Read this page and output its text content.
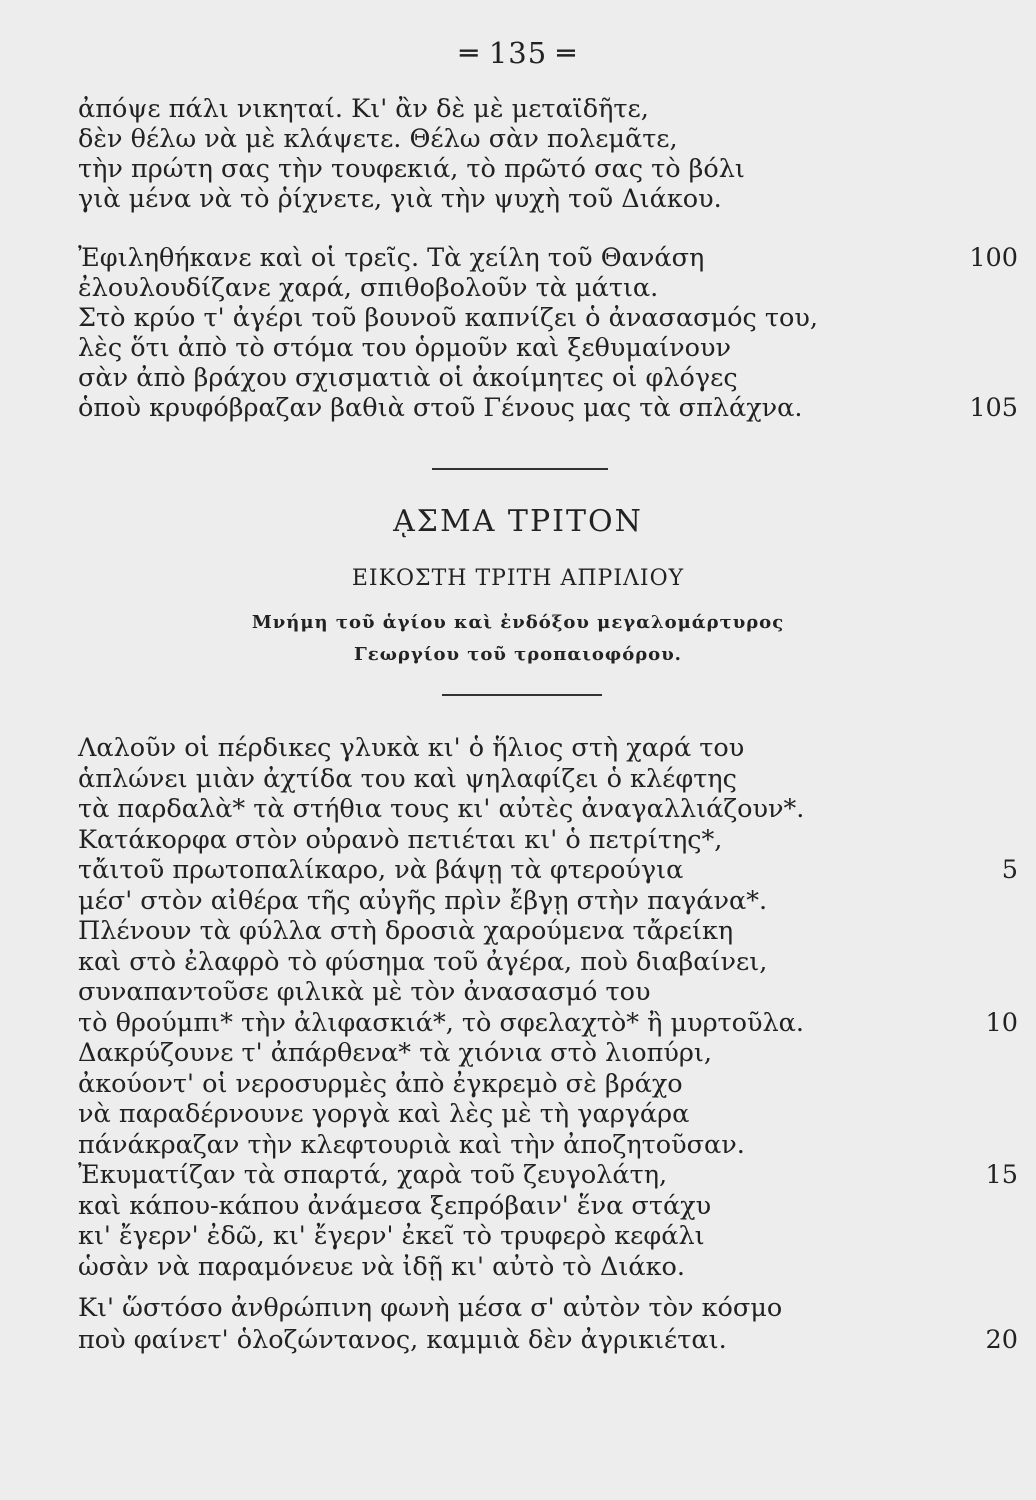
═ 135 ═
ἀπόψε πάλι νικηταί. Κι' ἂν δὲ μὲ μεταϊδῆτε,
δὲν θέλω νὰ μὲ κλάψετε. Θέλω σὰν πολεμᾶτε,
τὴν πρώτη σας τὴν τουφεκιά, τὸ πρῶτό σας τὸ βόλι
γιὰ μένα νὰ τὸ ῥίχνετε, γιὰ τὴν ψυχὴ τοῦ Διάκου.
Ἐφιληθήκανε καὶ οἱ τρεῖς. Τὰ χείλη τοῦ Θανάση	100
ἐλουλουδίζανε χαρά, σπιθοβολοῦν τὰ μάτια.
Στὸ κρύο τ' ἀγέρι τοῦ βουνοῦ καπνίζει ὁ ἀνασασμός του,
λὲς ὅτι ἀπὸ τὸ στόμα του ὁρμοῦν καὶ ξεθυμαίνουν
σὰν ἀπὸ βράχου σχισματιὰ οἱ ἀκοίμητες οἱ φλόγες
ὁποὺ κρυφόβραζαν βαθιὰ στοῦ Γένους μας τὰ σπλάχνα.	105
ᾼΣΜΑ ΤΡΙΤΟΝ
ΕΙΚΟΣΤΗ ΤΡΙΤΗ ΑΠΡΙΛΙΟΥ
Μνήμη τοῦ ἁγίου καὶ ἐνδόξου μεγαλομάρτυρος
Γεωργίου τοῦ τροπαιοφόρου.
Λαλοῦν οἱ πέρδικες γλυκὰ κι' ὁ ἥλιος στὴ χαρά του
ἁπλώνει μιὰν ἀχτίδα του καὶ ψηλαφίζει ὁ κλέφτης
τὰ παρδαλὰ* τὰ στήθια τους κι' αὐτὲς ἀναγαλλιάζουν*.
Κατάκορφα στὸν οὐρανὸ πετιέται κι' ὁ πετρίτης*,
τἄιτοῦ πρωτοπαλίκαρο, νὰ βάψῃ τὰ φτερούγια	5
μέσ' στὸν αἰθέρα τῆς αὐγῆς πρὶν ἔβγῃ στὴν παγάνα*.
Πλένουν τὰ φύλλα στὴ δροσιὰ χαρούμενα τἄρείκη
καὶ στὸ ἐλαφρὸ τὸ φύσημα τοῦ ἀγέρα, ποὺ διαβαίνει,
συναπαντοῦσε φιλικὰ μὲ τὸν ἀνασασμό του
τὸ θρούμπι* τὴν ἀλιφασκιά*, τὸ σφελαχτὸ* ἢ μυρτοῦλα.	10
Δακρύζουνε τ' ἀπάρθενα* τὰ χιόνια στὸ λιοπύρι,
ἀκούοντ' οἱ νεροσυρμὲς ἀπὸ ἐγκρεμὸ σὲ βράχο
νὰ παραδέρνουνε γοργὰ καὶ λὲς μὲ τὴ γαργάρα
πάνάκραζαν τὴν κλεφτουριὰ καὶ τὴν ἀποζητοῦσαν.
Ἐκυματίζαν τὰ σπαρτά, χαρὰ τοῦ ζευγολάτη,	15
καὶ κάπου-κάπου ἀνάμεσα ξεπρόβαιν' ἕνα στάχυ
κι' ἔγερν' ἐδῶ, κι' ἔγερν' ἐκεῖ τὸ τρυφερὸ κεφάλι
ὡσὰν νὰ παραμόνευε νὰ ἰδῇ κι' αὐτὸ τὸ Διάκο.
Κι' ὥστόσο ἀνθρώπινη φωνὴ μέσα σ' αὐτὸν τὸν κόσμο
ποὺ φαίνετ' ὁλοζώντανος, καμμιὰ δὲν ἀγρικιέται.	20
